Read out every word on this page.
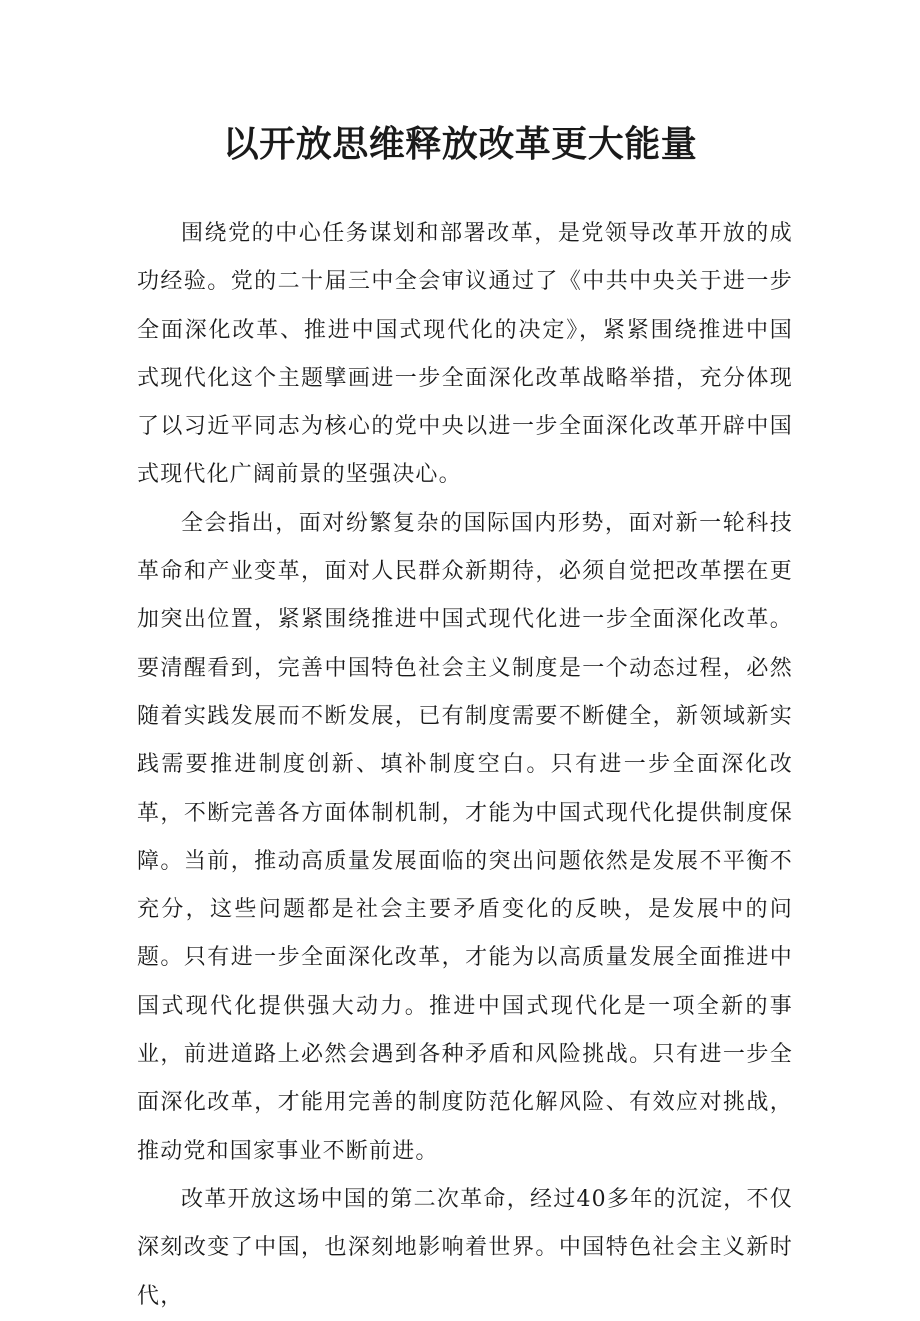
以开放思维释放改革更大能量

围绕党的中心任务谋划和部署改革，是党领导改革开放的成功经验。党的二十届三中全会审议通过了《中共中央关于进一步全面深化改革、推进中国式现代化的决定》，紧紧围绕推进中国式现代化这个主题擘画进一步全面深化改革战略举措，充分体现了以习近平同志为核心的党中央以进一步全面深化改革开辟中国式现代化广阔前景的坚强决心。

全会指出，面对纷繁复杂的国际国内形势，面对新一轮科技革命和产业变革，面对人民群众新期待，必须自觉把改革摆在更加突出位置，紧紧围绕推进中国式现代化进一步全面深化改革。要清醒看到，完善中国特色社会主义制度是一个动态过程，必然随着实践发展而不断发展，已有制度需要不断健全，新领域新实践需要推进制度创新、填补制度空白。只有进一步全面深化改革，不断完善各方面体制机制，才能为中国式现代化提供制度保障。当前，推动高质量发展面临的突出问题依然是发展不平衡不充分，这些问题都是社会主要矛盾变化的反映，是发展中的问题。只有进一步全面深化改革，才能为以高质量发展全面推进中国式现代化提供强大动力。推进中国式现代化是一项全新的事业，前进道路上必然会遇到各种矛盾和风险挑战。只有进一步全面深化改革，才能用完善的制度防范化解风险、有效应对挑战，推动党和国家事业不断前进。

改革开放这场中国的第二次革命，经过40多年的沉淀，不仅深刻改变了中国，也深刻地影响着世界。中国特色社会主义新时代，
